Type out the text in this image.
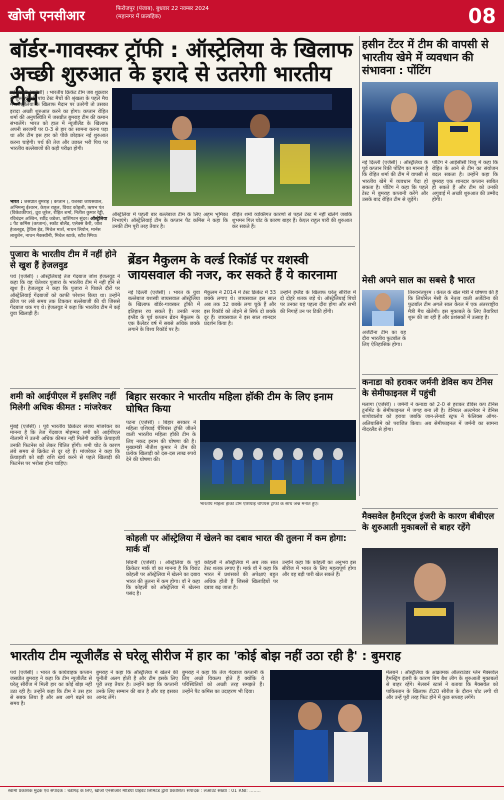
खोजी एनसीआर	फिरोजपुर (पंजाब), बुधवार 22 नवम्बर 2024
(महानगर में प्रात्यहिक)	08
बॉर्डर-गावस्कर ट्रॉफी : ऑस्ट्रेलिया के खिलाफ अच्छी शुरुआत के इरादे से उतरेगी भारतीय टीम
हसीन टेंटर में टीम की वापसी से भारतीय खेमे में व्यवधान की संभावना : पोंटिंग
नई दिल्ली (एजेंसी) । भारतीय क्रिकेट टीम जब शुक्रवार से शुरू हो रही पांच टेस्ट मैचों की श्रृंखला के पहले मैच में ऑस्ट्रेलिया के खिलाफ मैदान पर उतरेगी तो उसका इरादा अच्छी शुरुआत करने का होगा। कप्तान रोहित शर्मा की अनुपस्थिति में जसप्रीत बुमराह टीम की कमान संभालेंगे। भारत को हाल में न्यूजीलैंड के खिलाफ अपनी सरजमीं पर 0-3 से हार का सामना करना पड़ा था और टीम इस हार को पीछे छोड़कर नई शुरुआत करना चाहेगी। पर्थ की तेज और उछाल भरी पिच पर भारतीय बल्लेबाजों की कड़ी परीक्षा होगी।
ऑस्ट्रेलिया में पहली बार बल्लेबाज टीम के लिए अहम भूमिका निभाएंगे। ऑस्ट्रेलियाई टीम के कप्तान पैट कमिंस ने कहा कि उनकी टीम पूरी तरह तैयार है।
रोहित शर्मा व्यक्तिगत कारणों से पहले टेस्ट में नहीं खेलेंगे जबकि शुभमन गिल चोट के कारण बाहर हैं। केएल राहुल पारी की शुरुआत कर सकते हैं।
नई दिल्ली (एजेंसी) । ऑस्ट्रेलिया के पूर्व कप्तान रिकी पोंटिंग का मानना है कि रोहित शर्मा की टीम में वापसी से भारतीय खेमे में व्यवधान पैदा हो सकता है। पोंटिंग ने कहा कि पहले टेस्ट में बुमराह कप्तानी करेंगे और उसके बाद रोहित टीम से जुड़ेंगे।
पोंटिंग ने आईसीसी रिव्यू में कहा कि रोहित के आने से टीम का संयोजन बदल सकता है। उन्होंने कहा कि बुमराह एक शानदार कप्तान साबित हो सकते हैं और टीम को उनकी अगुवाई में अच्छी शुरुआत की उम्मीद होगी।
मेसी अपने साल का सबसे है भारत
तिरुवनंतपुरम । केरल के खेल मंत्री ने घोषणा की है कि लियोनेल मेसी के नेतृत्व वाली अर्जेंटीना की फुटबॉल टीम अगले साल केरल में एक अंतरराष्ट्रीय मैत्री मैच खेलेगी। इस मुकाबले के लिए तैयारियां शुरू की जा रही हैं और प्रशंसकों में उत्साह है।
अर्जेंटीना टीम का यह दौरा भारतीय फुटबॉल के लिए ऐतिहासिक होगा।
पुजारा के भारतीय टीम में नहीं होने से खुश हैं हेजलवुड
पर्थ (एजेंसी) । ऑस्ट्रेलियाई तेज गेंदबाज जोश हेजलवुड ने कहा कि वह चेतेश्वर पुजारा के भारतीय टीम में नहीं होने से खुश हैं। हेजलवुड ने कहा कि पुजारा ने पिछले दौरों पर ऑस्ट्रेलियाई गेंदबाजों को काफी परेशान किया था। उन्होंने क्रीज पर लंबे समय तक टिककर बल्लेबाजी की थी जिससे गेंदबाज थक गए थे। हेजलवुड ने कहा कि भारतीय टीम में कई युवा खिलाड़ी हैं।
ब्रेंडन मैकुलम के वर्ल्ड रिकॉर्ड पर यशस्वी जायसवाल की नजर, कर सकते हैं ये कारनामा
नई दिल्ली (एजेंसी) । भारत के युवा बल्लेबाज यशस्वी जायसवाल ऑस्ट्रेलिया के खिलाफ बॉर्डर-गावस्कर ट्रॉफी में इतिहास रच सकते हैं। उनकी नजर इंग्लैंड के पूर्व कप्तान ब्रेंडन मैकुलम के एक कैलेंडर वर्ष में सबसे अधिक छक्के लगाने के विश्व रिकॉर्ड पर है।
मैकुलम ने 2014 में टेस्ट क्रिकेट में 33 छक्के लगाए थे। जायसवाल इस साल अब तक 32 छक्के लगा चुके हैं और इस रिकॉर्ड को तोड़ने से सिर्फ दो छक्के दूर हैं। जायसवाल ने इस साल शानदार प्रदर्शन किया है।
उन्होंने इंग्लैंड के खिलाफ घरेलू सीरीज में दो दोहरे शतक जड़े थे। ऑस्ट्रेलियाई पिचों पर उनका यह पहला दौरा होगा और सभी की निगाहें उन पर टिकी होंगी।
शमी को आईपीएल में इसलिए नहीं मिलेगी अधिक कीमत : मांजरेकर
मुंबई (एजेंसी) । पूर्व भारतीय क्रिकेटर संजय मांजरेकर का मानना है कि तेज गेंदबाज मोहम्मद शमी को आईपीएल नीलामी में उतनी अधिक कीमत नहीं मिलेगी क्योंकि फ्रेंचाइजी उनकी फिटनेस को लेकर चिंतित होंगी। शमी चोट के कारण लंबे समय से क्रिकेट से दूर रहे हैं। मांजरेकर ने कहा कि फ्रेंचाइजी को बड़ी राशि खर्च करने से पहले खिलाड़ी की फिटनेस पर भरोसा होना चाहिए।
बिहार सरकार ने भारतीय महिला हॉकी टीम के लिए इनाम घोषित किया
पटना (एजेंसी) । बिहार सरकार ने महिला एशियाई चैंपियंस ट्रॉफी जीतने वाली भारतीय महिला हॉकी टीम के लिए नकद इनाम की घोषणा की है। मुख्यमंत्री नीतीश कुमार ने टीम की प्रत्येक खिलाड़ी को दस-दस लाख रुपये देने की घोषणा की।
भारतीय महिला हॉकी टीम एशियाई चैंपियंस ट्रॉफी के साथ जश्न मनाते हुए।
कोहली पर ऑस्ट्रेलिया में खेलने का दबाव भारत की तुलना में कम होगा: मार्क वॉ
सिडनी (एजेंसी) । ऑस्ट्रेलिया के पूर्व क्रिकेटर मार्क वॉ का मानना है कि विराट कोहली पर ऑस्ट्रेलिया में खेलने का दबाव भारत की तुलना में कम होगा। वॉ ने कहा कि कोहली को ऑस्ट्रेलिया में खेलना पसंद है।
कोहली ने ऑस्ट्रेलिया में अब तक सात टेस्ट शतक लगाए हैं। मार्क वॉ ने कहा कि भारत में प्रशंसकों की अपेक्षाएं बहुत अधिक होती हैं जिससे खिलाड़ियों पर दबाव बढ़ जाता है।
उन्होंने कहा कि कोहली का अनुभव इस सीरीज में भारत के लिए महत्वपूर्ण होगा और वह बड़ी पारी खेल सकते हैं।
कनाडा को हराकर जर्मनी डेविस कप टेनिस के सेमीफाइनल में पहुंची
मलागा (एजेंसी) । जर्मनी ने कनाडा को 2-0 से हराकर डेविस कप टेनिस टूर्नामेंट के सेमीफाइनल में जगह बना ली है। डेनियल अल्टमेयर ने डेनिस शापोवालोव को हराया जबकि जान-लेनार्ड स्ट्रफ ने फेलिक्स ऑगर-अलियासिमे को पराजित किया। अब सेमीफाइनल में जर्मनी का सामना नीदरलैंड से होगा।
मैक्सवेल हैमरिट्ज इंजरी के कारण बीबीएल के शुरुआती मुकाबलों से बाहर रहेंगे
भारतीय टीम न्यूजीलैंड से घरेलू सीरीज में हार का 'कोई बोझ नहीं उठा रही है' : बुमराह
पर्थ (एजेंसी) । भारत के कार्यवाहक कप्तान जसप्रीत बुमराह ने कहा कि टीम न्यूजीलैंड से घरेलू सीरीज में मिली हार का कोई बोझ नहीं उठा रही है। उन्होंने कहा कि टीम ने उस हार से सबक लिया है और अब आगे बढ़ने का समय है।
बुमराह ने कहा कि ऑस्ट्रेलिया में खेलने की चुनौती अलग होती है और टीम इसके लिए पूरी तरह तैयार है। उन्होंने कहा कि कप्तानी उनके लिए सम्मान की बात है और वह इसका आनंद लेंगे।
बुमराह ने कहा कि तेज गेंदबाज कप्तानी के लिए अच्छे विकल्प होते हैं क्योंकि वे परिस्थितियों को अच्छी तरह समझते हैं। उन्होंने पैट कमिंस का उदाहरण भी दिया।
मेलबर्न । ऑस्ट्रेलिया के आक्रामक ऑलराउंडर ग्लेन मैक्सवेल हैमस्ट्रिंग इंजरी के कारण बिग बैश लीग के शुरुआती मुकाबलों से बाहर रहेंगे। मेलबर्न स्टार्स ने बताया कि मैक्सवेल को पाकिस्तान के खिलाफ टी20 सीरीज के दौरान चोट लगी थी और उन्हें पूरी तरह फिट होने में कुछ सप्ताह लगेंगे।
स्वामी प्रकाशक मुद्रक एवं संपादक : चंडीगढ़ के लिए, खोजी एनसीआर मीडिया प्राइवेट लिमिटेड द्वारा प्रकाशित। संपादक : लेआउट संख्या : 01 RNI: ........
भारत : जसप्रीत बुमराह ( कप्तान ), यशस्वी जायसवाल, अभिमन्यु ईश्वरन, केएल राहुल, विराट कोहली, ऋषभ पंत (विकेटकीपर), ध्रुव जुरेल, रोहित शर्मा, नितीश कुमार रेड्डी, रविचंद्रन अश्विन, रवींद्र जडेजा, वाशिंगटन सुंदर। ऑस्ट्रेलिया : पैट कमिंस (कप्तान), स्कॉट बोलैंड, एलेक्स कैरी, जोश हेजलवुड, ट्रैविस हेड, मिचेल मार्श, नाथन लियोन, मार्नस लाबुशेन, नाथन मैकस्वीनी, मिचेल स्टार्क, स्टीव स्मिथ।
